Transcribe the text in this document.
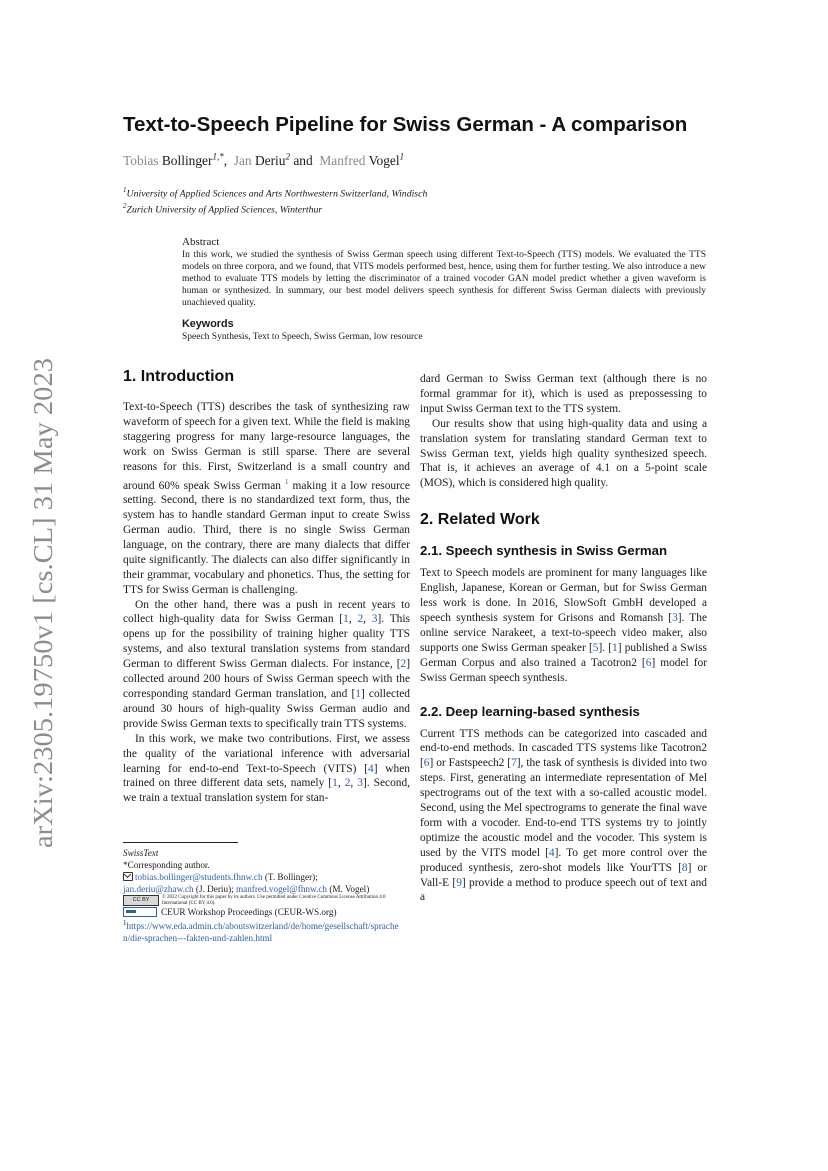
arXiv:2305.19750v1 [cs.CL] 31 May 2023
Text-to-Speech Pipeline for Swiss German - A comparison
Tobias Bollinger$^{1,*}$,  Jan Deriu$^2$ and  Manfred Vogel$^1$
$^1$University of Applied Sciences and Arts Northwestern Switzerland, Windisch
$^2$Zurich University of Applied Sciences, Winterthur

Abstract

In this work, we studied the synthesis of Swiss German speech using different Text-to-Speech (TTS) models. We evaluated the TTS models on three corpora, and we found, that VITS models performed best, hence, using them for further testing. We also introduce a new method to evaluate TTS models by letting the discriminator of a trained vocoder GAN model predict whether a given waveform is human or synthesized. In summary, our best model delivers speech synthesis for different Swiss German dialects with previously unachieved quality.

Keywords

Speech Synthesis, Text to Speech, Swiss German, low resource

1. Introduction

Text-to-Speech (TTS) describes the task of synthesizing raw waveform of speech for a given text. While the field is making staggering progress for many large-resource languages, the work on Swiss German is still sparse. There are several reasons for this. First, Switzerland is a small country and around 60% speak Swiss German $^1$ making it a low resource setting. Second, there is no standardized text form, thus, the system has to handle standard German input to create Swiss German audio. Third, there is no single Swiss German language, on the contrary, there are many dialects that differ quite significantly. The dialects can also differ significantly in their grammar, vocabulary and phonetics. Thus, the setting for TTS for Swiss German is challenging.

On the other hand, there was a push in recent years to collect high-quality data for Swiss German [1, 2, 3]. This opens up for the possibility of training higher quality TTS systems, and also textural translation systems from standard German to different Swiss German dialects. For instance, [2] collected around 200 hours of Swiss German speech with the corresponding standard German translation, and [1] collected around 30 hours of high-quality Swiss German audio and provide Swiss German texts to specifically train TTS systems.

In this work, we make two contributions. First, we assess the quality of the variational inference with adversarial learning for end-to-end Text-to-Speech (VITS) [4] when trained on three different data sets, namely [1, 2, 3]. Second, we train a textual translation system for stan-

SwissText

*Corresponding author.

tobias.bollinger@students.fhnw.ch (T. Bollinger);

jan.deriu@zhaw.ch (J. Deriu); manfred.vogel@fhnw.ch (M. Vogel)

CC BY	© 2022 Copyright for this paper by its authors. Use permitted under Creative Commons License Attribution 4.0 International (CC BY 4.0).
CEUR Workshop Proceedings (CEUR-WS.org)

$^1$https://www.eda.admin.ch/aboutswitzerland/de/home/gesellschaft/sprachen/die-sprachen---fakten-und-zahlen.html

dard German to Swiss German text (although there is no formal grammar for it), which is used as prepossessing to input Swiss German text to the TTS system.

Our results show that using high-quality data and using a translation system for translating standard German text to Swiss German text, yields high quality synthesized speech. That is, it achieves an average of 4.1 on a 5-point scale (MOS), which is considered high quality.

2. Related Work
2.1. Speech synthesis in Swiss German

Text to Speech models are prominent for many languages like English, Japanese, Korean or German, but for Swiss German less work is done. In 2016, SlowSoft GmbH developed a speech synthesis system for Grisons and Romansh [3]. The online service Narakeet, a text-to-speech video maker, also supports one Swiss German speaker [5]. [1] published a Swiss German Corpus and also trained a Tacotron2 [6] model for Swiss German speech synthesis.

2.2. Deep learning-based synthesis

Current TTS methods can be categorized into cascaded and end-to-end methods. In cascaded TTS systems like Tacotron2 [6] or Fastspeech2 [7], the task of synthesis is divided into two steps. First, generating an intermediate representation of Mel spectrograms out of the text with a so-called acoustic model. Second, using the Mel spectrograms to generate the final wave form with a vocoder. End-to-end TTS systems try to jointly optimize the acoustic model and the vocoder. This system is used by the VITS model [4]. To get more control over the produced synthesis, zero-shot models like YourTTS [8] or Vall-E [9] provide a method to produce speech out of text and a
